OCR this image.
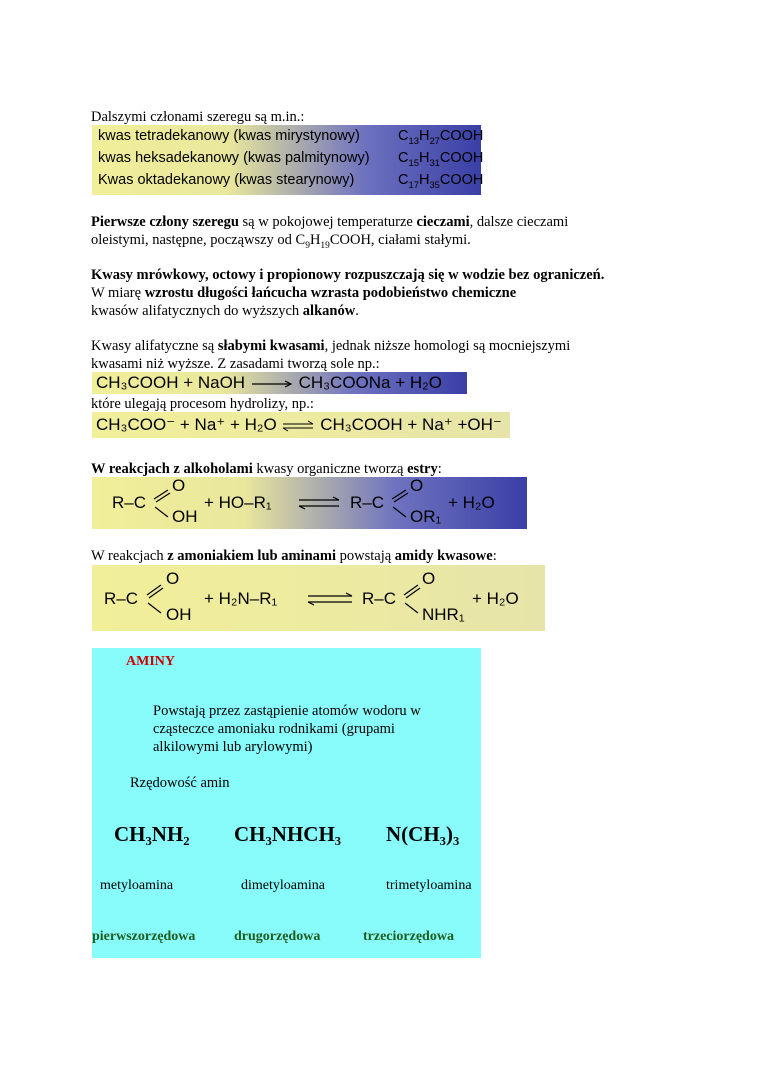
Dalszymi członami szeregu są m.in.:

kwas tetradekanowy (kwas mirystynowy)	$C_{13}H_{27}COOH$
kwas heksadekanowy (kwas palmitynowy) $C_{15}H_{31}COOH$
Kwas oktadekanowy (kwas stearynowy)	$C_{17}H_{35}COOH$

Pierwsze człony szeregu są w pokojowej temperaturze cieczami, dalsze cieczami
oleistymi, następne, począwszy od $C_9H_{19}COOH$, ciałami stałymi.

Kwasy mrówkowy, octowy i propionowy rozpuszczają się w wodzie bez ograniczeń.
W miarę wzrostu długości łańcucha wzrasta podobieństwo chemiczne
kwasów alifatycznych do wyższych alkanów.

Kwasy alifatyczne są słabymi kwasami, jednak niższe homologi są mocniejszymi
kwasami niż wyższe. Z zasadami tworzą sole np.:

CH₃COOH + NaOH → CH₃COONa + H₂O

które ulegają procesom hydrolizy, np.:

CH₃COO⁻ + Na⁺ + H₂O ⇌ CH₃COOH + Na⁺ +OH⁻

W reakcjach z alkoholami kwasy organiczne tworzą estry:

R–C
O
OH
+ HO–R₁ ⇌ R–C
O
OR₁
+ H₂O

W reakcjach z amoniakiem lub aminami powstają amidy kwasowe:

R–C
O
OH
+ H₂N–R₁ ⇌ R–C
O
NHR₁
+ H₂O
AMINY
Powstają przez zastąpienie atomów wodoru w
cząsteczce amoniaku rodnikami (grupami
alkilowymi lub arylowymi)
Rzędowość amin
CH₃NH₂ CH₃NHCH₃ N(CH₃)₃
metyloamina	dimetyloamina	trimetyloamina
pierwszorzędowa	drugorzędowa	trzeciorzędowa
